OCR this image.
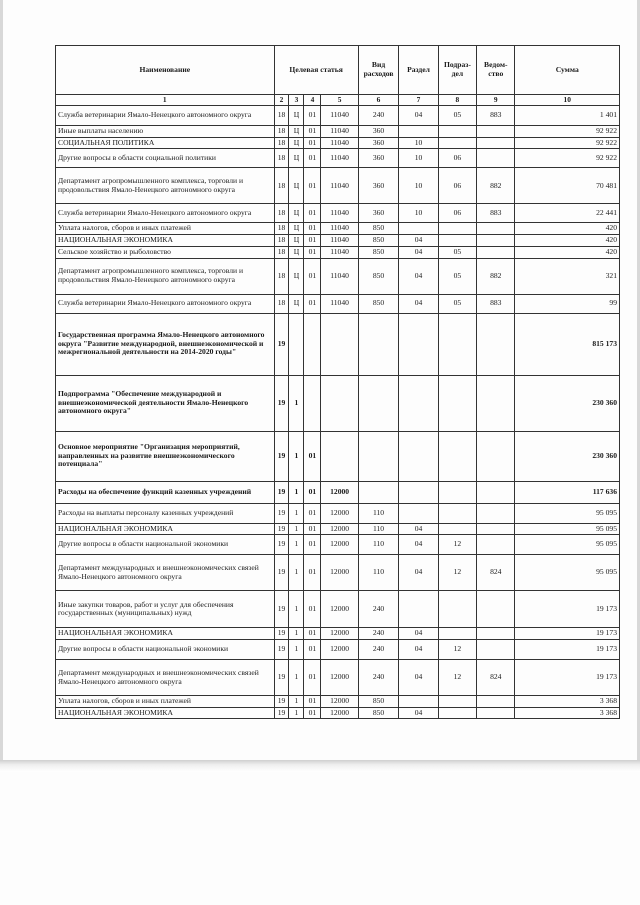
Наименование	Целевая статья				Вид расходов	Раздел	Подраз-дел	Ведом-ство	Сумма
1	2	3	4	5	6	7	8	9	10
Служба ветеринарии Ямало-Ненецкого автономного округа	18	Ц	01	11040	240	04	05	883	1 401
Иные выплаты населению	18	Ц	01	11040	360				92 922
СОЦИАЛЬНАЯ ПОЛИТИКА	18	Ц	01	11040	360	10			92 922
Другие вопросы в области социальной политики	18	Ц	01	11040	360	10	06		92 922
Департамент агропромышленного комплекса, торговли и продовольствия Ямало-Ненецкого автономного округа	18	Ц	01	11040	360	10	06	882	70 481
Служба ветеринарии Ямало-Ненецкого автономного округа	18	Ц	01	11040	360	10	06	883	22 441
Уплата налогов, сборов и иных платежей	18	Ц	01	11040	850				420
НАЦИОНАЛЬНАЯ ЭКОНОМИКА	18	Ц	01	11040	850	04			420
Сельское хозяйство и рыболовство	18	Ц	01	11040	850	04	05		420
Департамент агропромышленного комплекса, торговли и продовольствия Ямало-Ненецкого автономного округа	18	Ц	01	11040	850	04	05	882	321
Служба ветеринарии Ямало-Ненецкого автономного округа	18	Ц	01	11040	850	04	05	883	99
Государственная программа Ямало-Ненецкого автономного округа "Развитие международной, внешнеэкономической и межрегиональной деятельности на 2014-2020 годы"	19								815 173
Подпрограмма "Обеспечение международной и внешнеэкономической деятельности Ямало-Ненецкого автономного округа"	19	1							230 360
Основное мероприятие "Организация мероприятий, направленных на развитие внешнеэкономического потенциала"	19	1	01						230 360
Расходы на обеспечение функций казенных учреждений	19	1	01	12000					117 636
Расходы на выплаты персоналу казенных учреждений	19	1	01	12000	110				95 095
НАЦИОНАЛЬНАЯ ЭКОНОМИКА	19	1	01	12000	110	04			95 095
Другие вопросы в области национальной экономики	19	1	01	12000	110	04	12		95 095
Департамент международных и внешнеэкономических связей Ямало-Ненецкого автономного округа	19	1	01	12000	110	04	12	824	95 095
Иные закупки товаров, работ и услуг для обеспечения государственных (муниципальных) нужд	19	1	01	12000	240				19 173
НАЦИОНАЛЬНАЯ ЭКОНОМИКА	19	1	01	12000	240	04			19 173
Другие вопросы в области национальной экономики	19	1	01	12000	240	04	12		19 173
Департамент международных и внешнеэкономических связей Ямало-Ненецкого автономного округа	19	1	01	12000	240	04	12	824	19 173
Уплата налогов, сборов и иных платежей	19	1	01	12000	850				3 368
НАЦИОНАЛЬНАЯ ЭКОНОМИКА	19	1	01	12000	850	04			3 368
